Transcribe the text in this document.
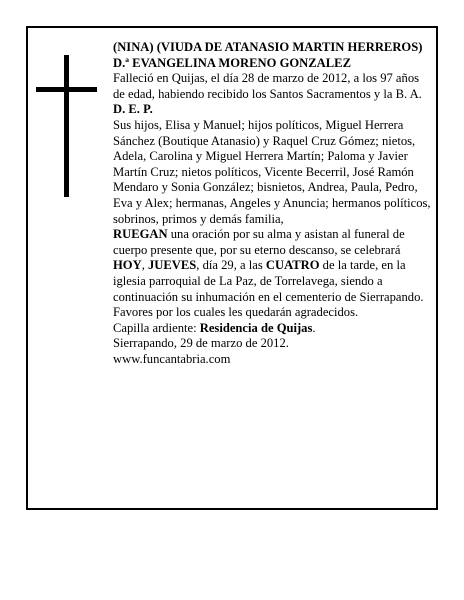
(NINA) (VIUDA DE ATANASIO MARTIN HERREROS)

D.ª EVANGELINA MORENO GONZALEZ

Falleció en Quijas, el día 28 de marzo de 2012, a los 97 años de edad, habiendo recibido los Santos Sacramentos y la B. A.

D. E. P.

Sus hijos, Elisa y Manuel; hijos políticos, Miguel Herrera Sánchez (Boutique Atanasio) y Raquel Cruz Gómez; nietos, Adela, Carolina y Miguel Herrera Martín; Paloma y Javier Martín Cruz; nietos políticos, Vicente Becerril, José Ramón Mendaro y Sonia González; bisnietos, Andrea, Paula, Pedro, Eva y Alex; hermanas, Angeles y Anuncia; hermanos políticos, sobrinos, primos y demás familia,

RUEGAN una oración por su alma y asistan al funeral de cuerpo presente que, por su eterno descanso, se celebrará HOY, JUEVES, día 29, a las CUATRO de la tarde, en la iglesia parroquial de La Paz, de Torrelavega, siendo a continuación su inhumación en el cementerio de Sierrapando. Favores por los cuales les quedarán agradecidos.

Capilla ardiente: Residencia de Quijas.

Sierrapando, 29 de marzo de 2012.

www.funcantabria.com
